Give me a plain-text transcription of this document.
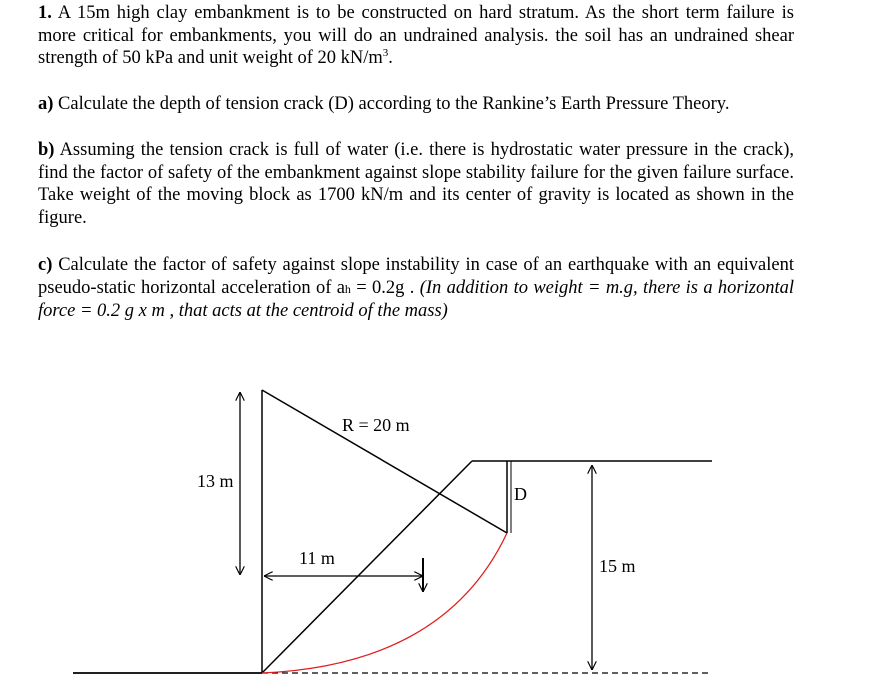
1. A 15m high clay embankment is to be constructed on hard stratum. As the short term failure is more critical for embankments, you will do an undrained analysis. the soil has an undrained shear strength of 50 kPa and unit weight of 20 $kN/m^3$.

a) Calculate the depth of tension crack (D) according to the Rankine’s Earth Pressure Theory.

b) Assuming the tension crack is full of water (i.e. there is hydrostatic water pressure in the crack), find the factor of safety of the embankment against slope stability failure for the given failure surface. Take weight of the moving block as 1700 kN/m and its center of gravity is located as shown in the figure.

c) Calculate the factor of safety against slope instability in case of an earthquake with an equivalent pseudo-static horizontal acceleration of ah = 0.2g . (In addition to weight = m.g, there is a horizontal force = 0.2 g x m , that acts at the centroid of the mass)

R = 20 m
13 m
D
11 m	15 m
